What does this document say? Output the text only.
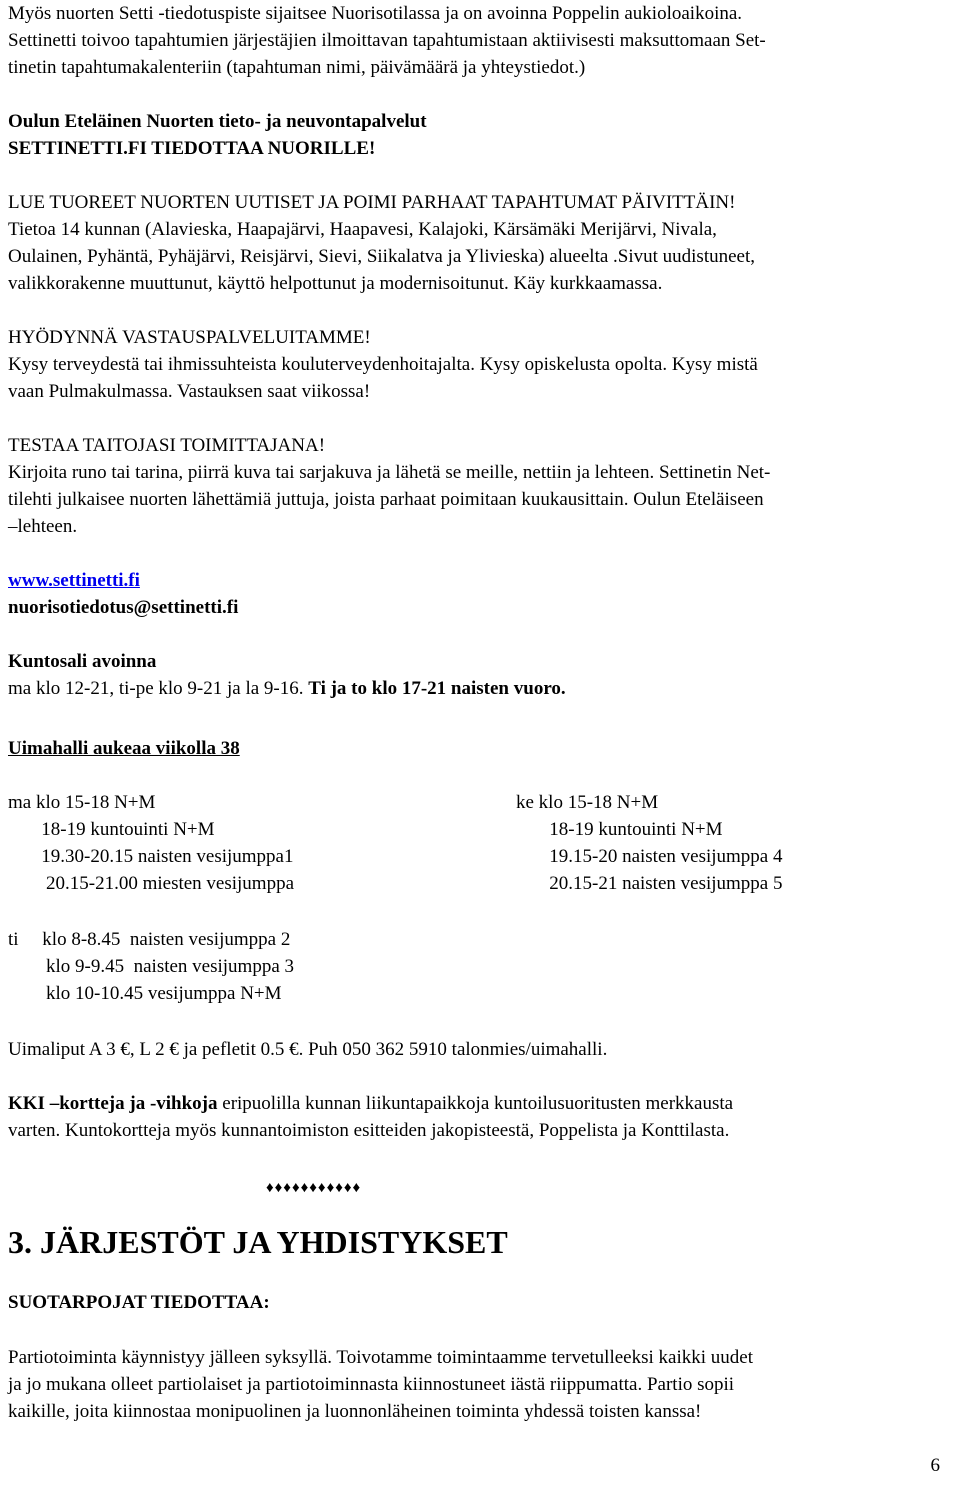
Myös nuorten Setti -tiedotuspiste sijaitsee Nuorisotilassa ja on avoinna Poppelin aukioloaikoina.

Settinetti toivoo tapahtumien järjestäjien ilmoittavan tapahtumistaan aktiivisesti maksuttomaan Set-

tinetin tapahtumakalenteriin (tapahtuman nimi, päivämäärä ja yhteystiedot.)

Oulun Eteläinen Nuorten tieto- ja neuvontapalvelut

SETTINETTI.FI TIEDOTTAA NUORILLE!

LUE TUOREET NUORTEN UUTISET JA POIMI PARHAAT TAPAHTUMAT PÄIVITTÄIN!

Tietoa 14 kunnan (Alavieska, Haapajärvi, Haapavesi, Kalajoki, Kärsämäki Merijärvi, Nivala,

Oulainen, Pyhäntä, Pyhäjärvi, Reisjärvi, Sievi, Siikalatva ja Ylivieska) alueelta .Sivut uudistuneet,

valikkorakenne muuttunut, käyttö helpottunut ja modernisoitunut. Käy kurkkaamassa.

HYÖDYNNÄ VASTAUSPALVELUITAMME!

Kysy terveydestä tai ihmissuhteista kouluterveydenhoitajalta. Kysy opiskelusta opolta. Kysy mistä

vaan Pulmakulmassa. Vastauksen saat viikossa!

TESTAA TAITOJASI TOIMITTAJANA!

Kirjoita runo tai tarina, piirrä kuva tai sarjakuva ja lähetä se meille, nettiin ja lehteen. Settinetin Net-

tilehti julkaisee nuorten lähettämiä juttuja, joista parhaat poimitaan kuukausittain. Oulun Eteläiseen

–lehteen.

www.settinetti.fi

nuorisotiedotus@settinetti.fi

Kuntosali avoinna

ma klo 12-21, ti-pe klo 9-21 ja la 9-16. Ti ja to klo 17-21 naisten vuoro.

Uimahalli aukeaa viikolla 38

ma klo 15-18 N+M
18-19 kuntouinti N+M
19.30-20.15 naisten vesijumppa1
20.15-21.00 miesten vesijumppa
ke klo 15-18 N+M
18-19 kuntouinti N+M
19.15-20 naisten vesijumppa 4
20.15-21 naisten vesijumppa 5
ti     klo 8-8.45  naisten vesijumppa 2
klo 9-9.45  naisten vesijumppa 3
klo 10-10.45 vesijumppa N+M

Uimaliput A 3 €, L 2 € ja pefletit 0.5 €. Puh 050 362 5910 talonmies/uimahalli.

KKI –kortteja ja -vihkoja eripuolilla kunnan liikuntapaikkoja kuntoilusuoritusten merkkausta

varten. Kuntokortteja myös kunnantoimiston esitteiden jakopisteestä, Poppelista ja Konttilasta.

♦♦♦♦♦♦♦♦♦♦♦
3. JÄRJESTÖT JA YHDISTYKSET

SUOTARPOJAT TIEDOTTAA:

Partiotoiminta käynnistyy jälleen syksyllä. Toivotamme toimintaamme tervetulleeksi kaikki uudet

ja jo mukana olleet partiolaiset ja partiotoiminnasta kiinnostuneet iästä riippumatta. Partio sopii

kaikille, joita kiinnostaa monipuolinen ja luonnonläheinen toiminta yhdessä toisten kanssa!

6
